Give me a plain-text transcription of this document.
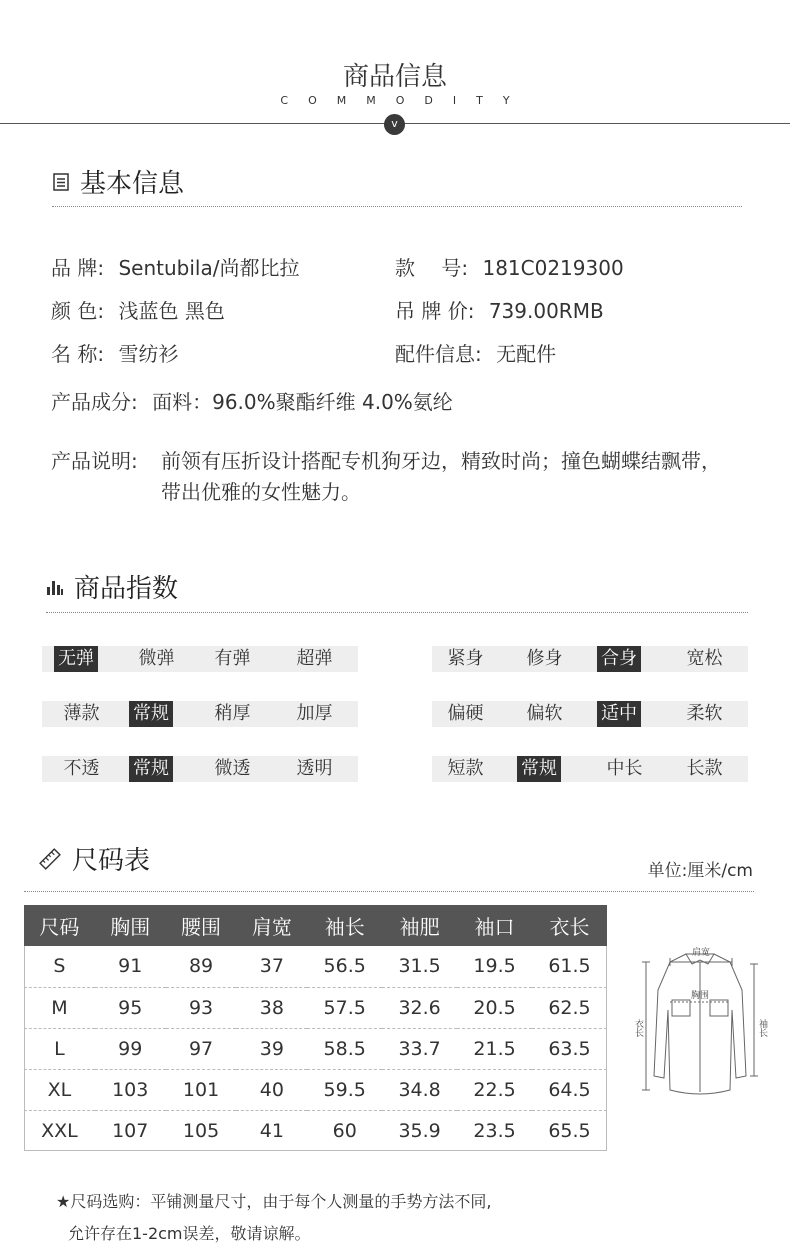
商品信息
COMMODITY
v
基本信息
品 牌: Sentubila/尚都比拉	款　 号: 181C0219300
颜 色: 浅蓝色 黑色	吊 牌 价: 739.00RMB
名 称: 雪纺衫	配件信息: 无配件
产品成分: 面料：96.0%聚酯纤维 4.0%氨纶
产品说明: 前领有压折设计搭配专机狗牙边，精致时尚；撞色蝴蝶结飘带，带出优雅的女性魅力。
商品指数
无弹	微弹	有弹	超弹	紧身	修身	合身	宽松
薄款	常规	稍厚	加厚	偏硬	偏软	适中	柔软
不透	常规	微透	透明	短款	常规	中长	长款
尺码表	单位:厘米/cm
尺码	胸围	腰围	肩宽	袖长	袖肥	袖口	衣长
S	91	89	37	56.5	31.5	19.5	61.5
M	95	93	38	57.5	32.6	20.5	62.5
L	99	97	39	58.5	33.7	21.5	63.5
XL	103	101	40	59.5	34.8	22.5	64.5
XXL	107	105	41	60	35.9	23.5	65.5
肩宽
胸围
衣长	袖长
★尺码选购：平铺测量尺寸，由于每个人测量的手势方法不同,
允许存在1-2cm误差，敬请谅解。
